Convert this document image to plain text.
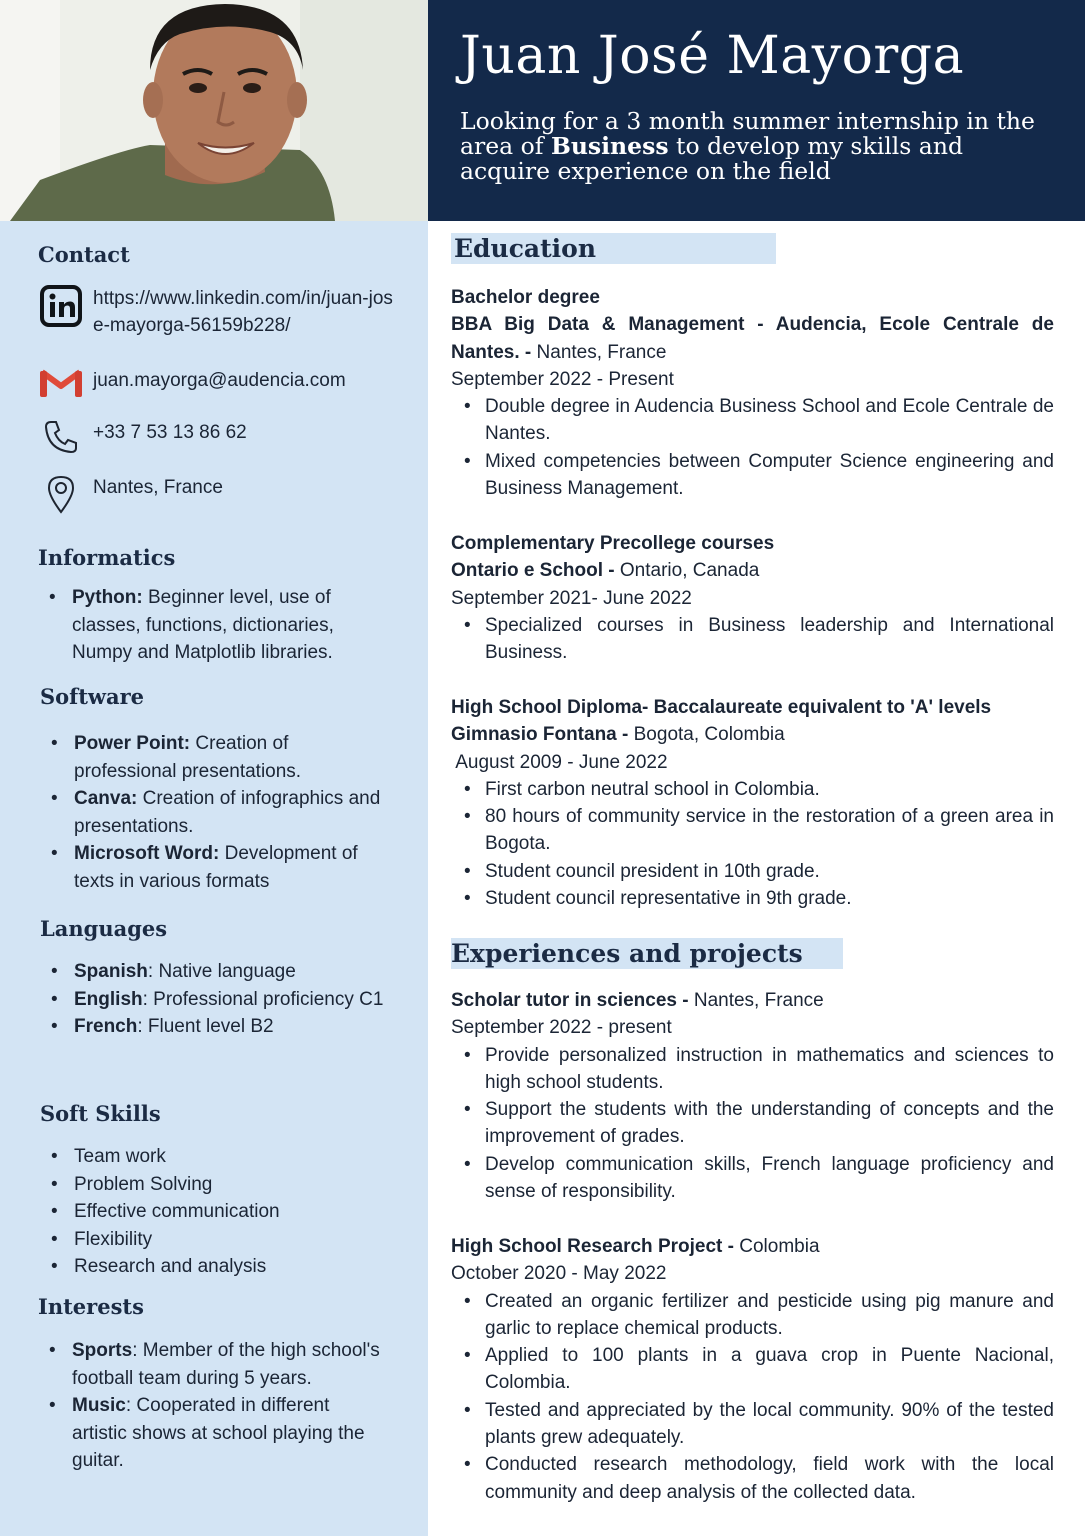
Juan José Mayorga
Looking for a 3 month summer internship in the area of Business to develop my skills and acquire experience on the field
Contact
https://www.linkedin.com/in/juan-jose-mayorga-56159b228/
juan.mayorga@audencia.com
+33 7 53 13 86 62
Nantes, France
Informatics
• Python: Beginner level, use of classes, functions, dictionaries, Numpy and Matplotlib libraries.
Software
• Power Point: Creation of professional presentations.
• Canva: Creation of infographics and presentations.
• Microsoft Word: Development of texts in various formats
Languages
• Spanish: Native language
• English: Professional proficiency C1
• French: Fluent level B2
Soft Skills
• Team work
• Problem Solving
• Effective communication
• Flexibility
• Research and analysis
Interests
• Sports: Member of the high school's football team during 5 years.
• Music: Cooperated in different artistic shows at school playing the guitar.
Education
Bachelor degree
BBA Big Data & Management - Audencia, Ecole Centrale de Nantes. - Nantes, France
September 2022 - Present
• Double degree in Audencia Business School and Ecole Centrale de Nantes.
• Mixed competencies between Computer Science engineering and Business Management.
Complementary Precollege courses
Ontario e School - Ontario, Canada
September 2021- June 2022
• Specialized courses in Business leadership and International Business.
High School Diploma- Baccalaureate equivalent to 'A' levels
Gimnasio Fontana - Bogota, Colombia
August 2009 - June 2022
• First carbon neutral school in Colombia.
• 80 hours of community service in the restoration of a green area in Bogota.
• Student council president in 10th grade.
• Student council representative in 9th grade.
Experiences and projects
Scholar tutor in sciences - Nantes, France
September 2022 - present
• Provide personalized instruction in mathematics and sciences to high school students.
• Support the students with the understanding of concepts and the improvement of grades.
• Develop communication skills, French language proficiency and sense of responsibility.
High School Research Project - Colombia
October 2020 - May 2022
• Created an organic fertilizer and pesticide using pig manure and garlic to replace chemical products.
• Applied to 100 plants in a guava crop in Puente Nacional, Colombia.
• Tested and appreciated by the local community. 90% of the tested plants grew adequately.
• Conducted research methodology, field work with the local community and deep analysis of the collected data.
